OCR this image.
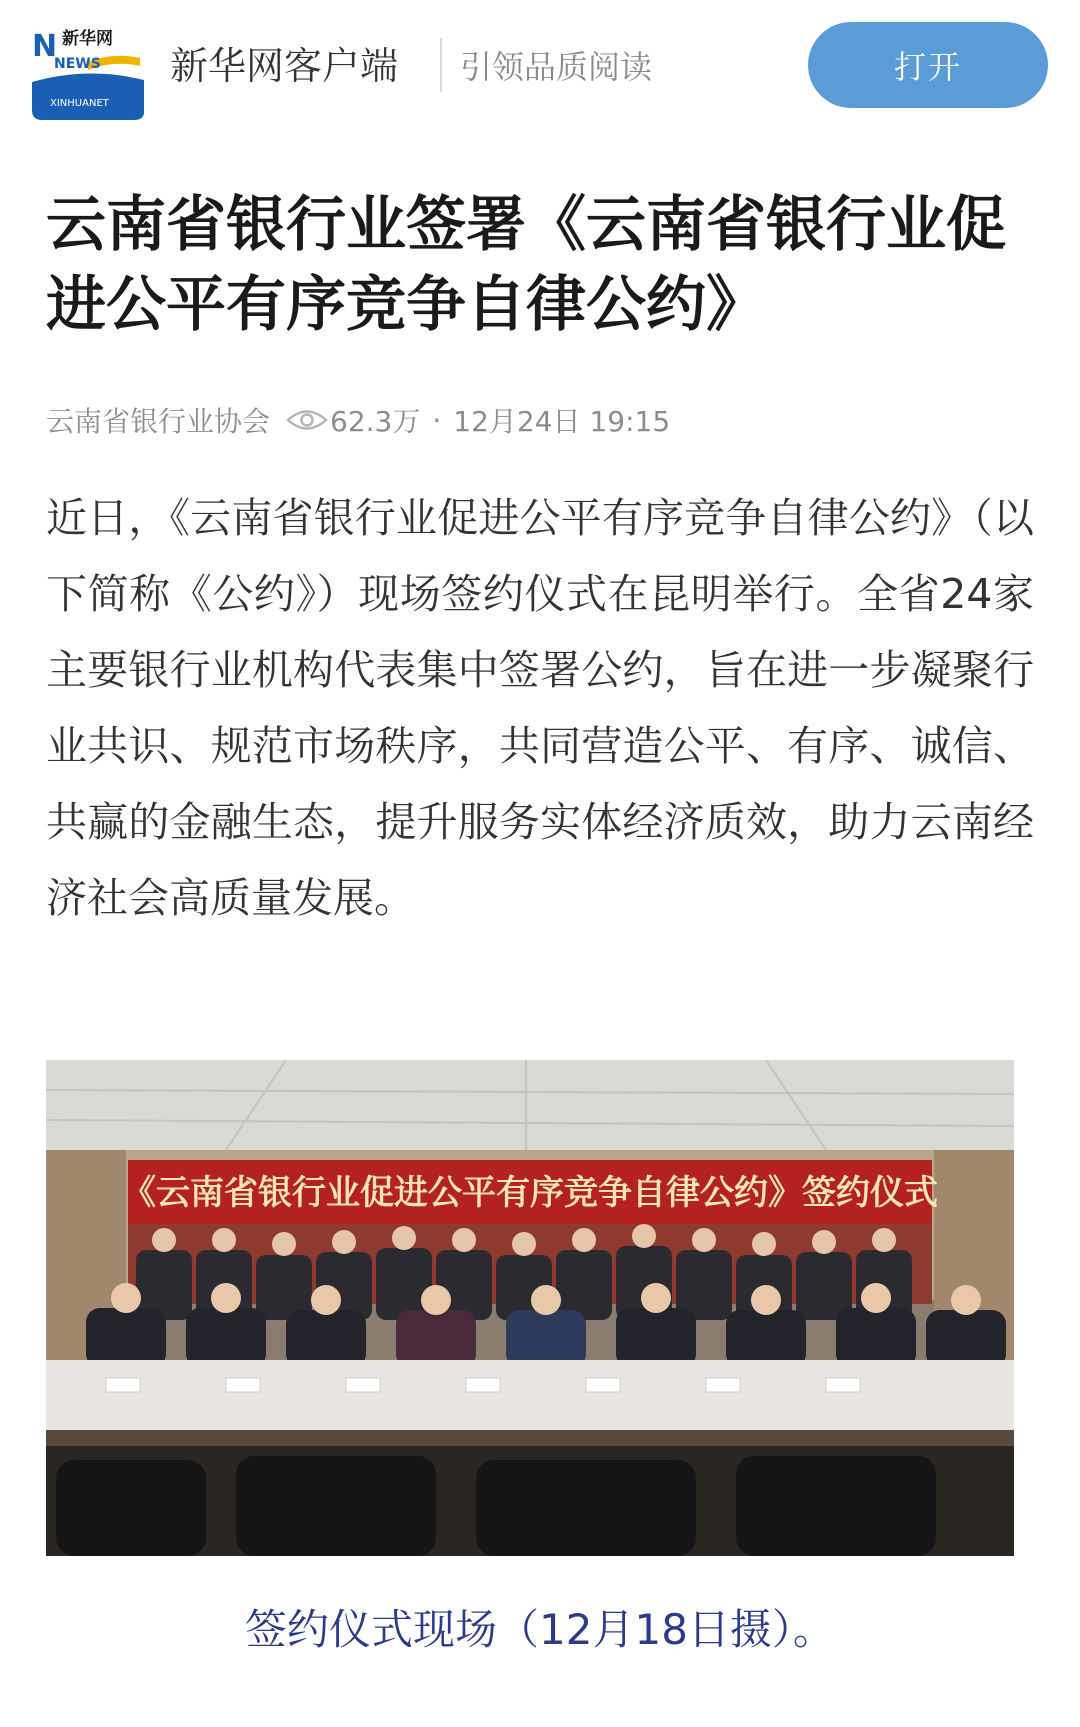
N 新华网
NEWS
XINHUANET
新华网客户端 引领品质阅读	打开
云南省银行业签署《云南省银行业促进公平有序竞争自律公约》
云南省银行业协会 62.3万 · 12月24日 19:15

近日，《云南省银行业促进公平有序竞争自律公约》（以下简称《公约》）现场签约仪式在昆明举行。全省24家主要银行业机构代表集中签署公约，旨在进一步凝聚行业共识、规范市场秩序，共同营造公平、有序、诚信、共赢的金融生态，提升服务实体经济质效，助力云南经济社会高质量发展。

《云南省银行业促进公平有序竞争自律公约》签约仪式
签约仪式现场（12月18日摄）。
